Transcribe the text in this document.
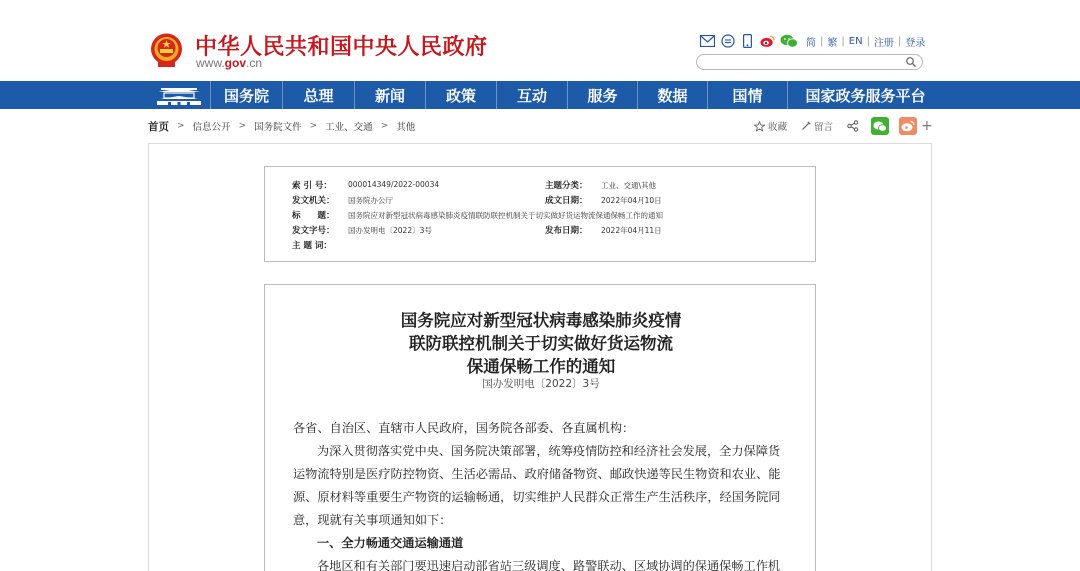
中华人民共和国中央人民政府
www.gov.cn
简 | 繁 | EN | 注册 | 登录
国务院	总理	新闻	政策	互动	服务	数据	国情	国家政务服务平台
首页 > 信息公开 > 国务院文件 > 工业、交通 > 其他	收藏	留言	+
索 引 号： 000014349/2022-00034	主题分类： 工业、交通\其他
发文机关： 国务院办公厅	成文日期： 2022年04月10日
标　　题： 国务院应对新型冠状病毒感染肺炎疫情联防联控机制关于切实做好货运物流保通保畅工作的通知
发文字号： 国办发明电〔2022〕3号	发布日期： 2022年04月11日
主 题 词：
国务院应对新型冠状病毒感染肺炎疫情
联防联控机制关于切实做好货运物流
保通保畅工作的通知
国办发明电〔2022〕3号
各省、自治区、直辖市人民政府，国务院各部委、各直属机构：
为深入贯彻落实党中央、国务院决策部署，统筹疫情防控和经济社会发展，全力保障货
运物流特别是医疗防控物资、生活必需品、政府储备物资、邮政快递等民生物资和农业、能
源、原材料等重要生产物资的运输畅通，切实维护人民群众正常生产生活秩序，经国务院同
意，现就有关事项通知如下：
一、全力畅通交通运输通道
各地区和有关部门要迅速启动部省站三级调度、路警联动、区域协调的保通保畅工作机
